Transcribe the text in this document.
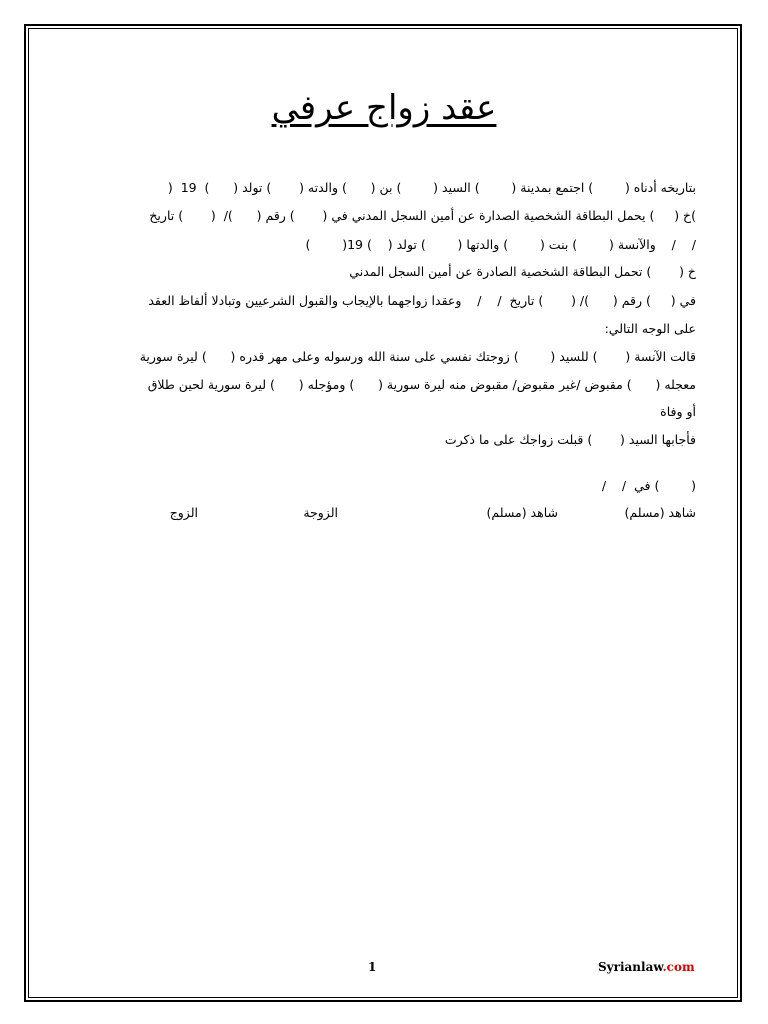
عقد زواج عرفي
بتاريخه أدناه (        ) اجتمع بمدينة (        ) السيد (        ) بن (      ) والدته (       ) تولد (      )  19  (
)خ (     ) يحمل البطاقة الشخصية الصدارة عن أمين السجل المدني في (       ) رقم (      )/  (       ) تاريخ
/    /    والآنسة (        ) بنت (        ) والدتها (        ) تولد (    ) 19(        )
خ (       ) تحمل البطاقة الشخصية الصادرة عن أمين السجل المدني
في (     ) رقم (      )/ (       ) تاريخ  /    /    وعقدا زواجهما بالإيجاب والقبول الشرعيين وتبادلا ألفاظ العقد
على الوجه التالي:
قالت الآنسة (       ) للسيد (        ) زوجتك نفسي على سنة الله ورسوله وعلى مهر قدره (      ) ليرة سورية
معجله (      ) مقبوض /غير مقبوض/ مقبوض منه ليرة سورية (      ) ومؤجله (      ) ليرة سورية لحين طلاق
أو وفاة
فأجابها السيد (       ) قبلت زواجك على ما ذكرت
(        ) في  /    /
شاهد (مسلم)
شاهد (مسلم)
الزوجة
الزوج
1	Syrianlaw.com
